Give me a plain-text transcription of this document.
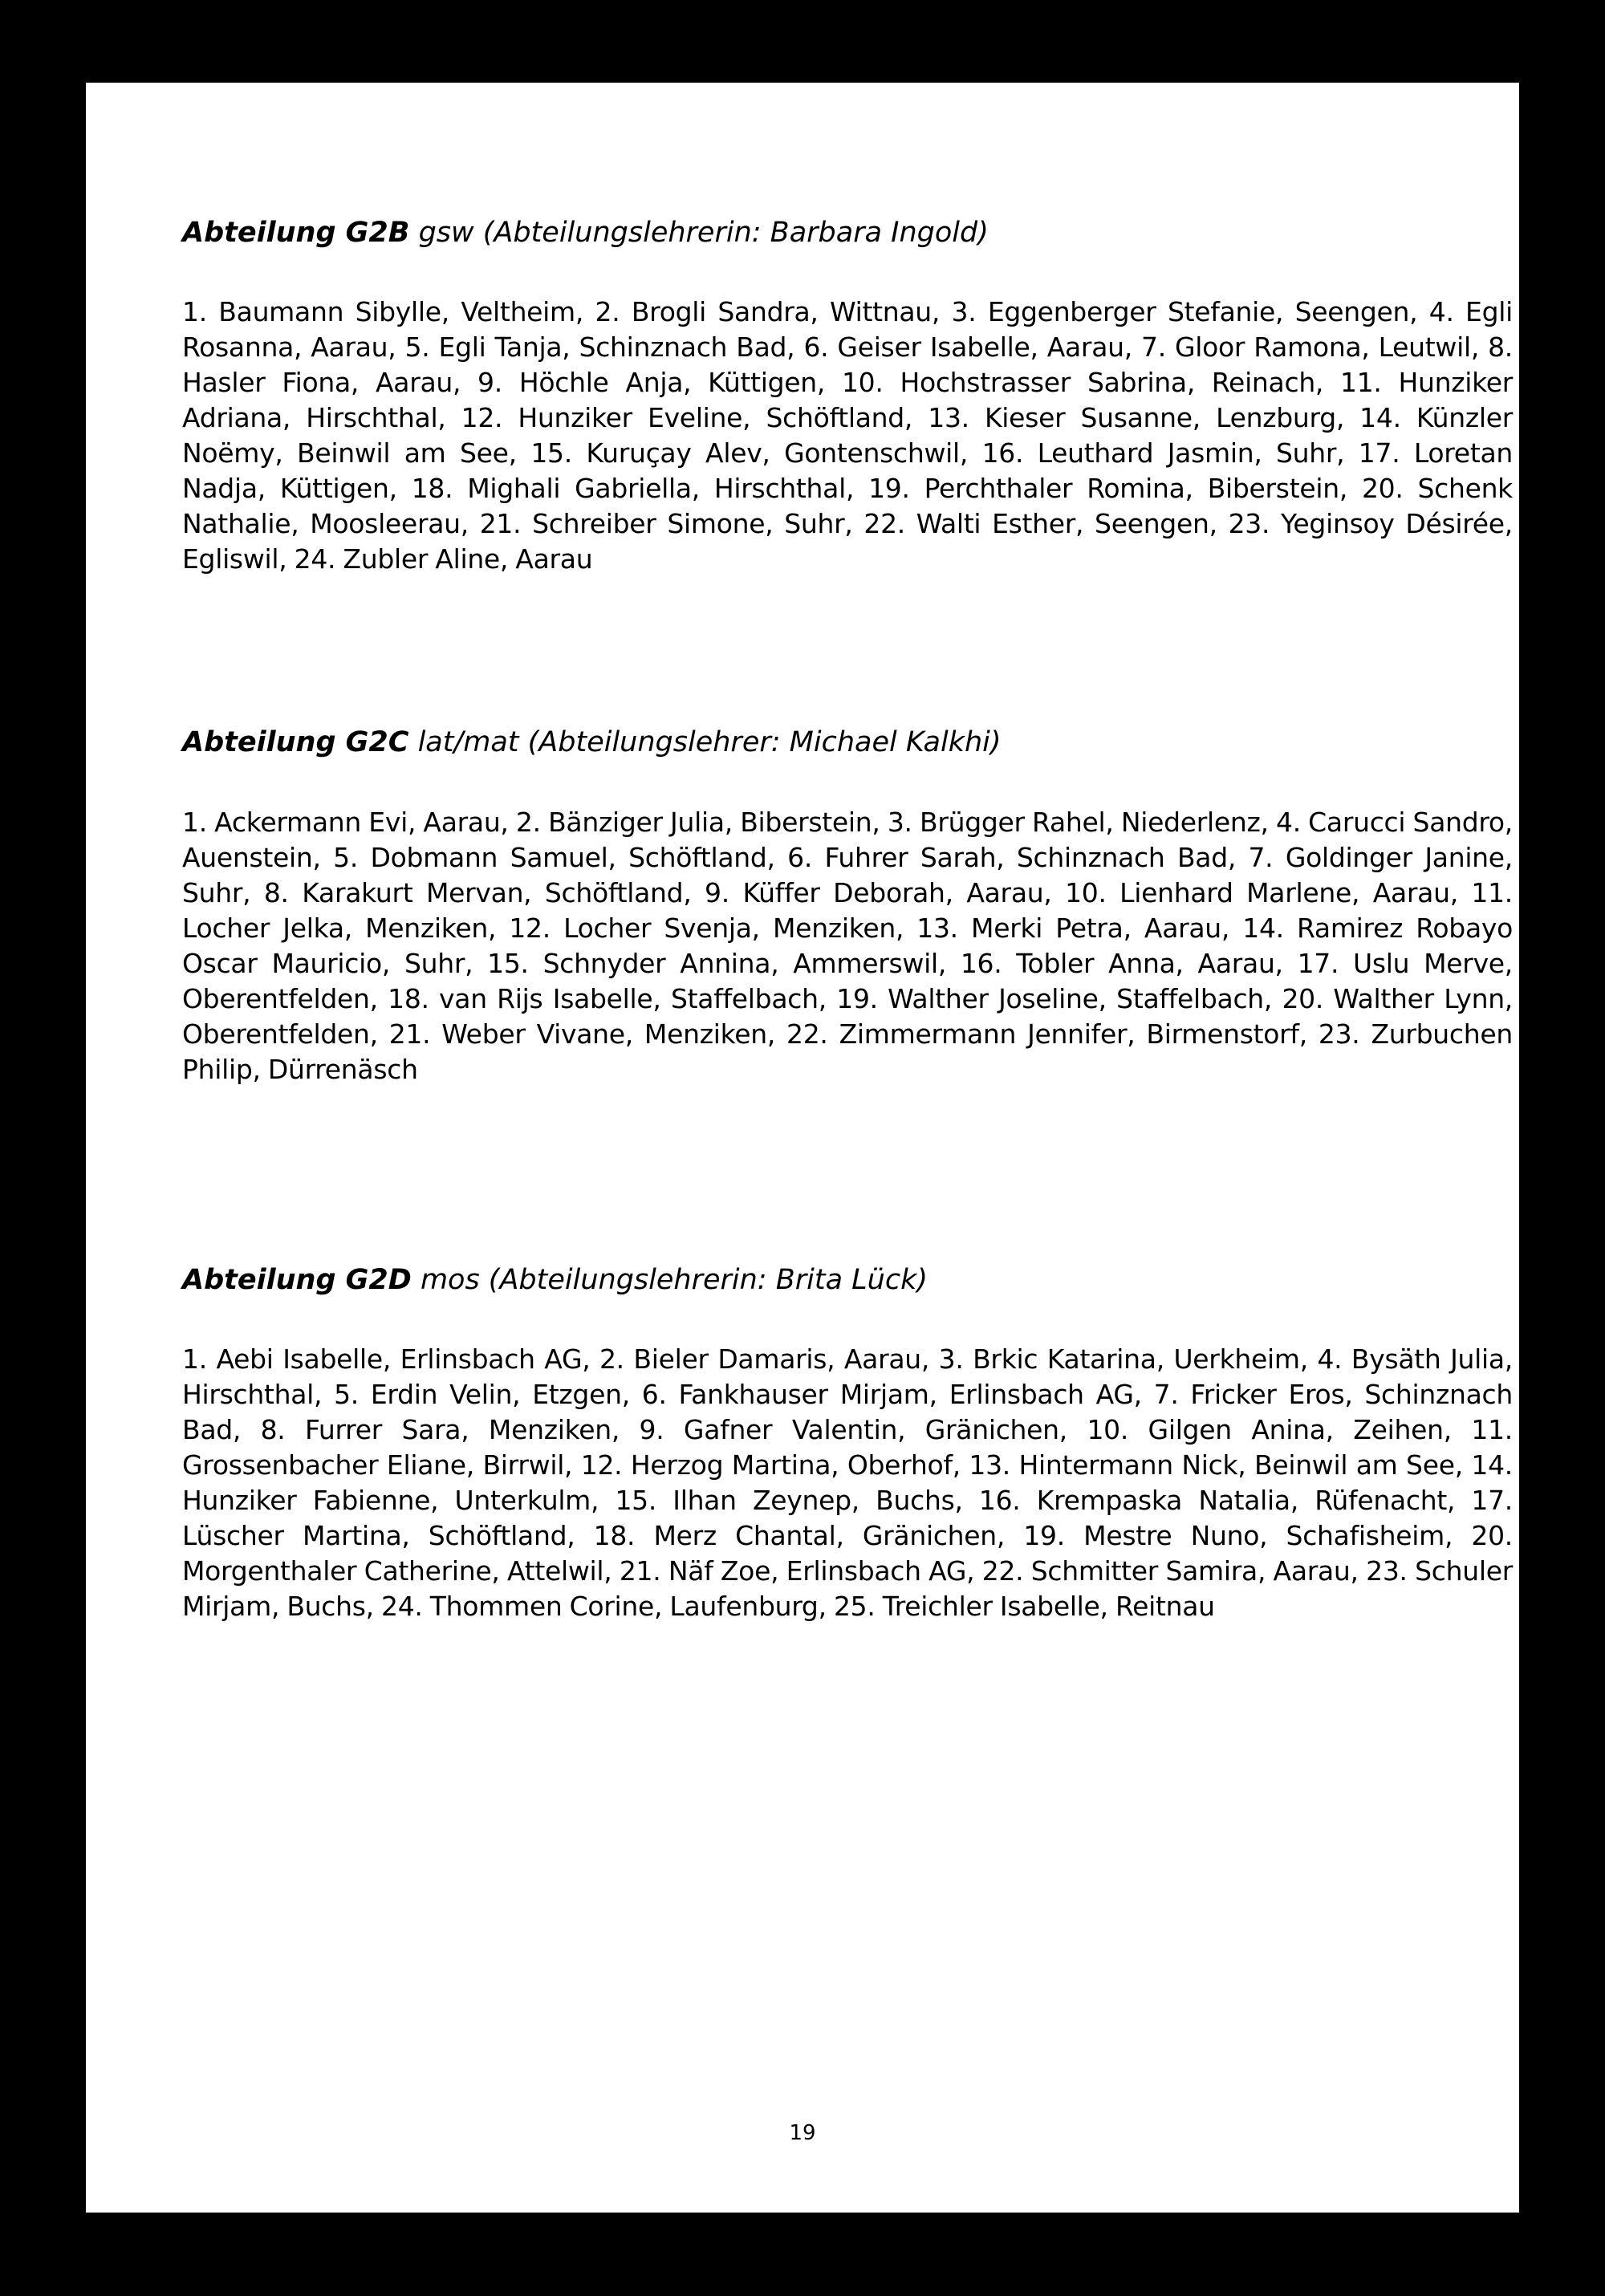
Abteilung G2B gsw (Abteilungslehrerin: Barbara Ingold)

1. Baumann Sibylle, Veltheim, 2. Brogli Sandra, Wittnau, 3. Eggenberger Stefanie, Seengen, 4. Egli Rosanna, Aarau, 5. Egli Tanja, Schinznach Bad, 6. Geiser Isabelle, Aarau, 7. Gloor Ramona, Leutwil, 8. Hasler Fiona, Aarau, 9. Höchle Anja, Küttigen, 10. Hochstrasser Sabrina, Reinach, 11. Hunziker Adriana, Hirschthal, 12. Hunziker Eveline, Schöftland, 13. Kieser Susanne, Lenzburg, 14. Künzler Noëmy, Beinwil am See, 15. Kuruçay Alev, Gontenschwil, 16. Leuthard Jasmin, Suhr, 17. Loretan Nadja, Küttigen, 18. Mighali Gabriella, Hirschthal, 19. Perchthaler Romina, Biberstein, 20. Schenk Nathalie, Moosleerau, 21. Schreiber Simone, Suhr, 22. Walti Esther, Seengen, 23. Yeginsoy Désirée, Egliswil, 24. Zubler Aline, Aarau

Abteilung G2C lat/mat (Abteilungslehrer: Michael Kalkhi)

1. Ackermann Evi, Aarau, 2. Bänziger Julia, Biberstein, 3. Brügger Rahel, Niederlenz, 4. Carucci Sandro, Auenstein, 5. Dobmann Samuel, Schöftland, 6. Fuhrer Sarah, Schinznach Bad, 7. Goldinger Janine, Suhr, 8. Karakurt Mervan, Schöftland, 9. Küffer Deborah, Aarau, 10. Lienhard Marlene, Aarau, 11. Locher Jelka, Menziken, 12. Locher Svenja, Menziken, 13. Merki Petra, Aarau, 14. Ramirez Robayo Oscar Mauricio, Suhr, 15. Schnyder Annina, Ammerswil, 16. Tobler Anna, Aarau, 17. Uslu Merve, Oberentfelden, 18. van Rijs Isabelle, Staffelbach, 19. Walther Joseline, Staffelbach, 20. Walther Lynn, Oberentfelden, 21. Weber Vivane, Menziken, 22. Zimmermann Jennifer, Birmenstorf, 23. Zurbuchen Philip, Dürrenäsch

Abteilung G2D mos (Abteilungslehrerin: Brita Lück)

1. Aebi Isabelle, Erlinsbach AG, 2. Bieler Damaris, Aarau, 3. Brkic Katarina, Uerkheim, 4. Bysäth Julia, Hirschthal, 5. Erdin Velin, Etzgen, 6. Fankhauser Mirjam, Erlinsbach AG, 7. Fricker Eros, Schinznach Bad, 8. Furrer Sara, Menziken, 9. Gafner Valentin, Gränichen, 10. Gilgen Anina, Zeihen, 11. Grossenbacher Eliane, Birrwil, 12. Herzog Martina, Oberhof, 13. Hintermann Nick, Beinwil am See, 14. Hunziker Fabienne, Unterkulm, 15. Ilhan Zeynep, Buchs, 16. Krempaska Natalia, Rüfenacht, 17. Lüscher Martina, Schöftland, 18. Merz Chantal, Gränichen, 19. Mestre Nuno, Schafisheim, 20. Morgenthaler Catherine, Attelwil, 21. Näf Zoe, Erlinsbach AG, 22. Schmitter Samira, Aarau, 23. Schuler Mirjam, Buchs, 24. Thommen Corine, Laufenburg, 25. Treichler Isabelle, Reitnau

19
